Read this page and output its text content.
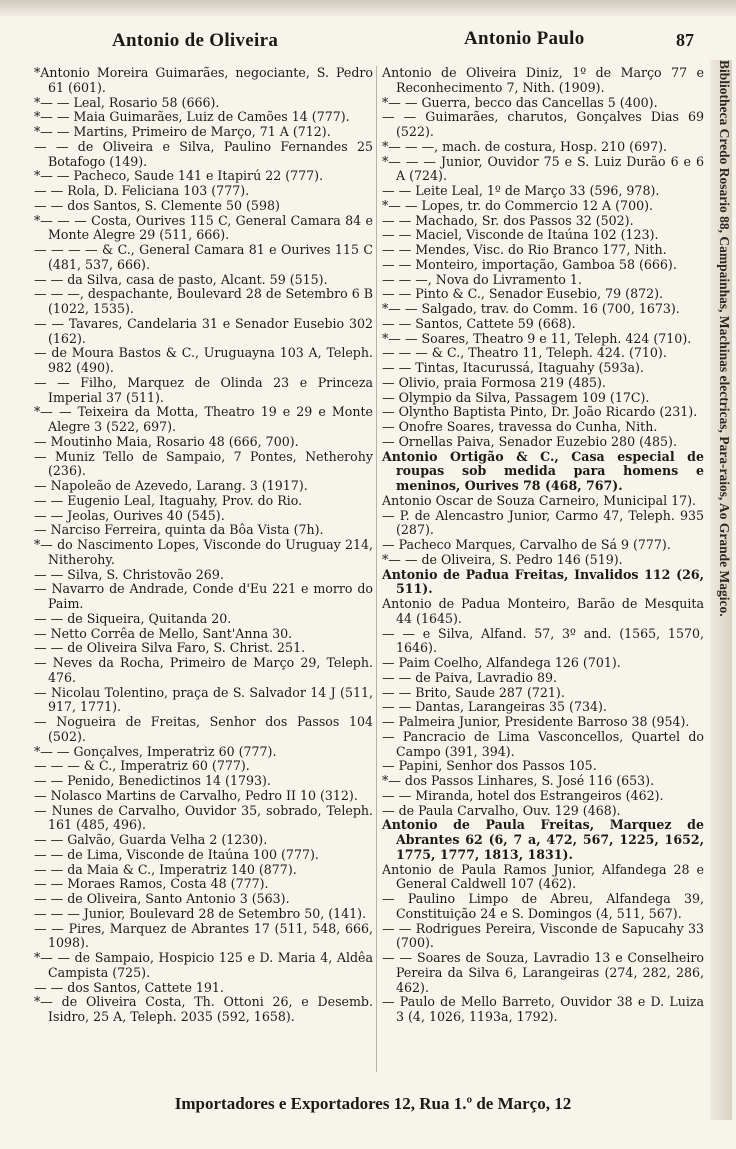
Antonio de Oliveira	Antonio Paulo	87

*Antonio Moreira Guimarães, negociante, S. Pedro 61 (601).

*— — Leal, Rosario 58 (666).

*— — Maia Guimarães, Luiz de Camões 14 (777).

*— — Martins, Primeiro de Março, 71 A (712).

— — de Oliveira e Silva, Paulino Fernandes 25 Botafogo (149).

*— — Pacheco, Saude 141 e Itapirú 22 (777).

— — Rola, D. Feliciana 103 (777).

— — dos Santos, S. Clemente 50 (598)

*— — — Costa, Ourives 115 C, General Camara 84 e Monte Alegre 29 (511, 666).

— — — — & C., General Camara 81 e Ourives 115 C (481, 537, 666).

— — da Silva, casa de pasto, Alcant. 59 (515).

— — —, despachante, Boulevard 28 de Setembro 6 B (1022, 1535).

— — Tavares, Candelaria 31 e Senador Eusebio 302 (162).

— de Moura Bastos & C., Uruguayna 103 A, Teleph. 982 (490).

— — Filho, Marquez de Olinda 23 e Princeza Imperial 37 (511).

*— — Teixeira da Motta, Theatro 19 e 29 e Monte Alegre 3 (522, 697).

— Moutinho Maia, Rosario 48 (666, 700).

— Muniz Tello de Sampaio, 7 Pontes, Netherohy (236).

— Napoleão de Azevedo, Larang. 3 (1917).

— — Eugenio Leal, Itaguahy, Prov. do Rio.

— — Jeolas, Ourives 40 (545).

— Narciso Ferreira, quinta da Bôa Vista (7h).

*— do Nascimento Lopes, Visconde do Uruguay 214, Nitherohy.

— — Silva, S. Christovão 269.

— Navarro de Andrade, Conde d'Eu 221 e morro do Paim.

— — de Siqueira, Quitanda 20.

— Netto Corrêa de Mello, Sant'Anna 30.

— — de Oliveira Silva Faro, S. Christ. 251.

— Neves da Rocha, Primeiro de Março 29, Teleph. 476.

— Nicolau Tolentino, praça de S. Salvador 14 J (511, 917, 1771).

— Nogueira de Freitas, Senhor dos Passos 104 (502).

*— — Gonçalves, Imperatriz 60 (777).

— — — & C., Imperatriz 60 (777).

— — Penido, Benedictinos 14 (1793).

— Nolasco Martins de Carvalho, Pedro II 10 (312).

— Nunes de Carvalho, Ouvidor 35, sobrado, Teleph. 161 (485, 496).

— — Galvão, Guarda Velha 2 (1230).

— — de Lima, Visconde de Itaúna 100 (777).

— — da Maia & C., Imperatriz 140 (877).

— — Moraes Ramos, Costa 48 (777).

— — de Oliveira, Santo Antonio 3 (563).

— — — Junior, Boulevard 28 de Setembro 50, (141).

— — Pires, Marquez de Abrantes 17 (511, 548, 666, 1098).

*— — de Sampaio, Hospicio 125 e D. Maria 4, Aldêa Campista (725).

— — dos Santos, Cattete 191.

*— de Oliveira Costa, Th. Ottoni 26, e Desemb. Isidro, 25 A, Teleph. 2035 (592, 1658).

Antonio de Oliveira Diniz, 1º de Março 77 e Reconhecimento 7, Nith. (1909).

*— — Guerra, becco das Cancellas 5 (400).

— — Guimarães, charutos, Gonçalves Dias 69 (522).

*— — —, mach. de costura, Hosp. 210 (697).

*— — — Junior, Ouvidor 75 e S. Luiz Durão 6 e 6 A (724).

— — Leite Leal, 1º de Março 33 (596, 978).

*— — Lopes, tr. do Commercio 12 A (700).

— — Machado, Sr. dos Passos 32 (502).

— — Maciel, Visconde de Itaúna 102 (123).

— — Mendes, Visc. do Rio Branco 177, Nith.

— — Monteiro, importação, Gamboa 58 (666).

— — —, Nova do Livramento 1.

— — Pinto & C., Senador Eusebio, 79 (872).

*— — Salgado, trav. do Comm. 16 (700, 1673).

— — Santos, Cattete 59 (668).

*— — Soares, Theatro 9 e 11, Teleph. 424 (710).

— — — & C., Theatro 11, Teleph. 424. (710).

— — Tintas, Itacurussá, Itaguahy (593a).

— Olivio, praia Formosa 219 (485).

— Olympio da Silva, Passagem 109 (17C).

— Olyntho Baptista Pinto, Dr. João Ricardo (231).

— Onofre Soares, travessa do Cunha, Nith.

— Ornellas Paiva, Senador Euzebio 280 (485).

Antonio Ortigão & C., Casa especial de roupas sob medida para homens e meninos, Ourives 78 (468, 767).

Antonio Oscar de Souza Carneiro, Municipal 17).

— P. de Alencastro Junior, Carmo 47, Teleph. 935 (287).

— Pacheco Marques, Carvalho de Sá 9 (777).

*— — de Oliveira, S. Pedro 146 (519).

Antonio de Padua Freitas, Invalidos 112 (26, 511).

Antonio de Padua Monteiro, Barão de Mesquita 44 (1645).

— — e Silva, Alfand. 57, 3º and. (1565, 1570, 1646).

— Paim Coelho, Alfandega 126 (701).

— — de Paiva, Lavradio 89.

— — Brito, Saude 287 (721).

— — Dantas, Larangeiras 35 (734).

— Palmeira Junior, Presidente Barroso 38 (954).

— Pancracio de Lima Vasconcellos, Quartel do Campo (391, 394).

— Papini, Senhor dos Passos 105.

*— dos Passos Linhares, S. José 116 (653).

— — Miranda, hotel dos Estrangeiros (462).

— de Paula Carvalho, Ouv. 129 (468).

Antonio de Paula Freitas, Marquez de Abrantes 62 (6, 7 a, 472, 567, 1225, 1652, 1775, 1777, 1813, 1831).

Antonio de Paula Ramos Junior, Alfandega 28 e General Caldwell 107 (462).

— Paulino Limpo de Abreu, Alfandega 39, Constituição 24 e S. Domingos (4, 511, 567).

— — Rodrigues Pereira, Visconde de Sapucahy 33 (700).

— — Soares de Souza, Lavradio 13 e Conselheiro Pereira da Silva 6, Larangeiras (274, 282, 286, 462).

— Paulo de Mello Barreto, Ouvidor 38 e D. Luiza 3 (4, 1026, 1193a, 1792).

Bibliotheca Credo Rosario 88, Campainhas, Machinas electricas, Para-raios, Ao Grande Magico.
Importadores e Exportadores 12, Rua 1.º de Março, 12
